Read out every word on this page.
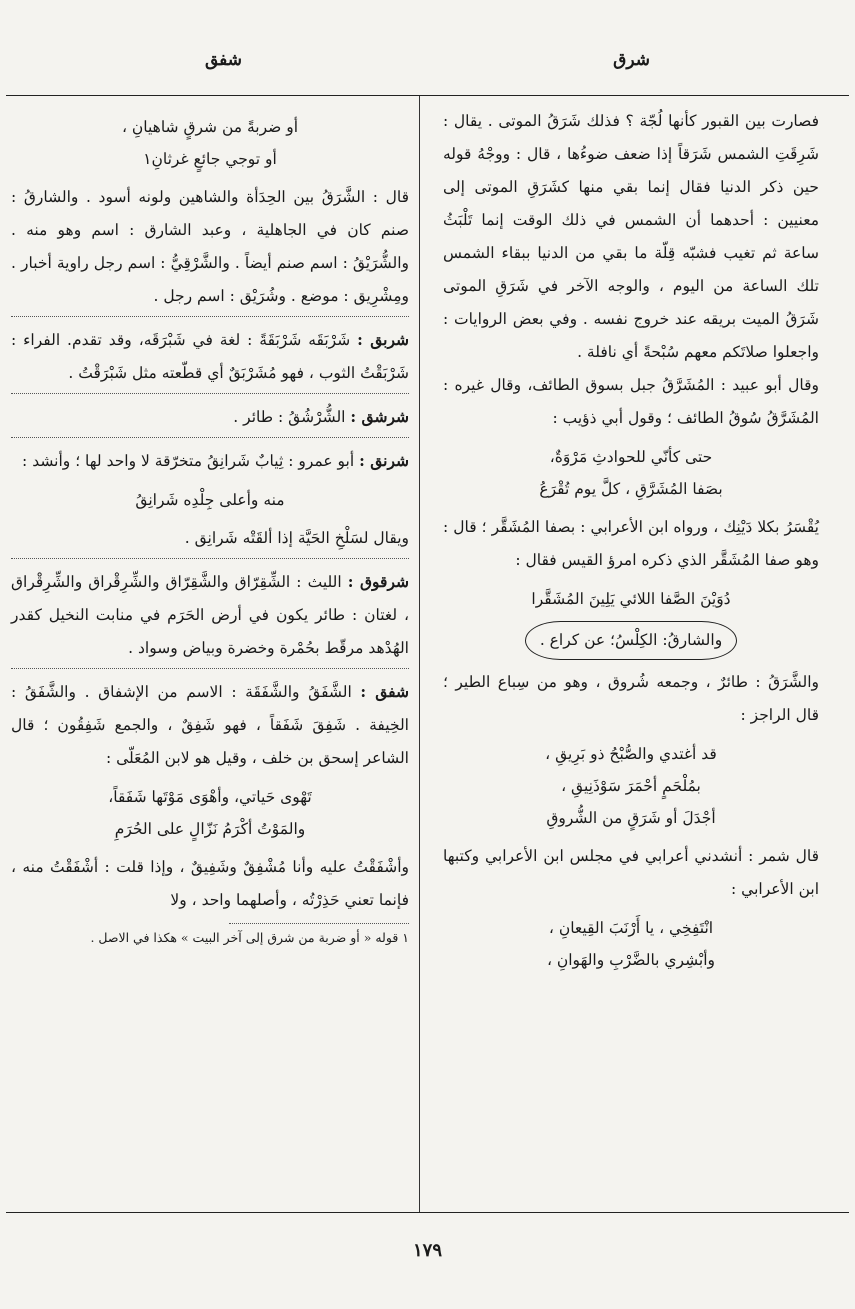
شرق
شفق

فصارت بين القبور كأنها لُجّة ؟ فذلك شَرَقُ الموتى . يقال : شَرِقَتِ الشمس شَرَقاً إذا ضعف ضوءُها ، قال : ووجْهُ قوله حين ذكر الدنيا فقال إنما بقي منها كشَرَقِ الموتى إلى معنيين : أحدهما أن الشمس في ذلك الوقت إنما تَلْبَثُ ساعة ثم تغيب فشبّه قِلّة ما بقي من الدنيا ببقاء الشمس تلك الساعة من اليوم ، والوجه الآخر في شَرَقِ الموتى شَرَقُ الميت بريقه عند خروج نفسه . وفي بعض الروايات : واجعلوا صلاتَكم معهم سُبْحةً أي نافلة .

وقال أبو عبيد : المُشَرَّقُ جبل بسوق الطائف، وقال غيره : المُشَرَّقُ سُوقُ الطائف ؛ وقول أبي ذؤيب :

حتى كأنّي للحوادثِ مَرْوَةٌ،
بصَفا المُشَرَّقِ ، كلَّ يوم تُقْرَعُ

يُقْسَرُ بكلا دَيْنِك ، ورواه ابن الأعرابي : بصفا المُشَقَّر ؛ قال : وهو صفا المُشَقَّر الذي ذكره امرؤ القيس فقال :

دُوَيْنَ الصَّفا اللائي يَلِينَ المُشَقَّرا
والشارقُ: الكِلْسُ؛ عن كراع .

والشَّرَقُ : طائرٌ ، وجمعه شُروق ، وهو من سِباع الطير ؛ قال الراجز :

قد أغتدي والصُّبْحُ ذو بَرِيقِ ،
بمُلْحَمٍ أحْمَرَ سَوْذَنِيقِ ،
أجْدَلَ أو شَرَقٍ من الشُّروقِ

قال شمر : أنشدني أعرابي في مجلس ابن الأعرابي وكتبها ابن الأعرابي :

انْتَفِخِي ، يا أَرْنَبَ القِيعانِ ،
وأبْشِري بالضَّرْبِ والهَوانِ ،
أو ضربةً من شرقٍ شاهيانِ ،
أو توجي جائعٍ غرثانِ١

قال : الشَّرَقُ بين الحِدَأة والشاهين ولونه أسود . والشارقُ : صنم كان في الجاهلية ، وعبد الشارق : اسم وهو منه . والشُّرَيْقُ : اسم صنم أيضاً . والشَّرْقِيُّ : اسم رجل راوية أخبار . ومِشْرِيق : موضع . وشُرَيْق : اسم رجل .

شربق : شَرْبَقَه شَرْبَقَةً : لغة في شَبْرَقَه، وقد تقدم. الفراء : شَرْبَقْتُ الثوب ، فهو مُشَرْبَقٌ أي قطّعته مثل شَبْرَقْتُ .

شرشق : الشُّرْشُقُ : طائر .

شرنق : أبو عمرو : ثِيابٌ شَرانِقُ متخرّقة لا واحد لها ؛ وأنشد :

منه وأعلى جِلْدِه شَرانِقُ

ويقال لسَلْخِ الحَيَّة إذا ألقَتْه شَرانِق .

شرقوق : الليث : الشِّقِرّاق والشَّقِرّاق والشِّرِقْراق والشِّرِقْراق ، لغتان : طائر يكون في أرض الحَرَم في منابت النخيل كقدر الهُدْهد مرقّط بحُمْرة وخضرة وبياض وسواد .

شفق : الشَّفَقُ والشَّفَقَة : الاسم من الإشفاق . والشَّفَقُ : الخِيفة . شَفِقَ شَفَقاً ، فهو شَفِقٌ ، والجمع شَفِقُون ؛ قال الشاعر إسحق بن خلف ، وقيل هو لابن المُعَلّى :

تَهْوى حَياتي، وأهْوَى مَوْتَها شَفَقاً،
والمَوْتُ أكْرَمُ نَزّالٍ على الحُرَمِ

وأشْفَقْتُ عليه وأنا مُشْفِقٌ وشَفِيقٌ ، وإذا قلت : أشْفَقْتُ منه ، فإنما تعني حَذِرْتُه ، وأصلهما واحد ، ولا

١ قوله « أو ضربة من شرق إلى آخر البيت » هكذا في الاصل .
١٧٩
